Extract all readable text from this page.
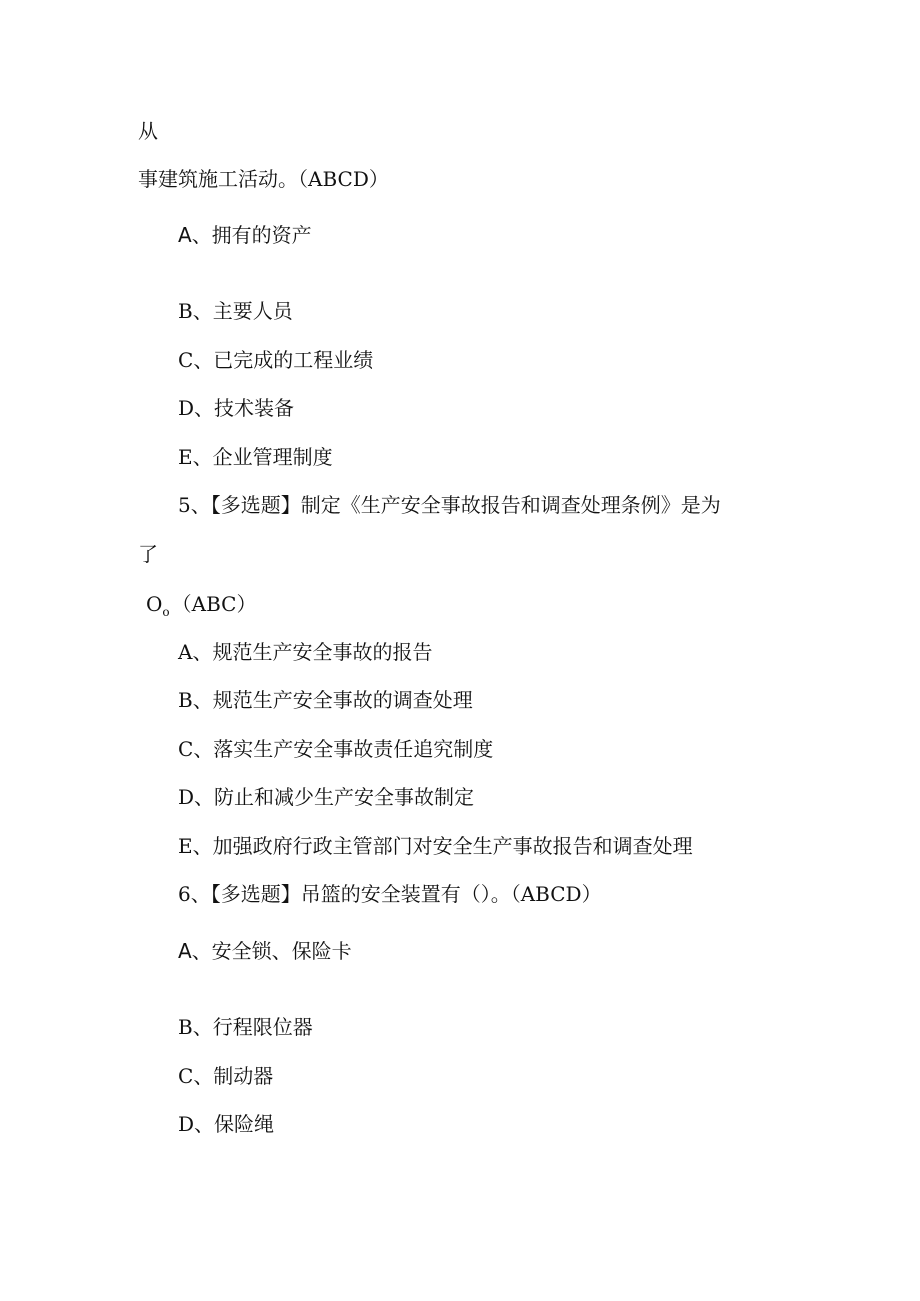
从
事建筑施工活动。（ABCD）
A、拥有的资产
B、主要人员
C、已完成的工程业绩
D、技术装备
E、企业管理制度
5、【多选题】制定《生产安全事故报告和调查处理条例》是为
了
$O_o$ （ABC）
A、规范生产安全事故的报告
B、规范生产安全事故的调查处理
C、落实生产安全事故责任追究制度
D、防止和减少生产安全事故制定
E、加强政府行政主管部门对安全生产事故报告和调查处理
6、【多选题】吊篮的安全装置有（）。（ABCD）
A、安全锁、保险卡
B、行程限位器
C、制动器
D、保险绳
